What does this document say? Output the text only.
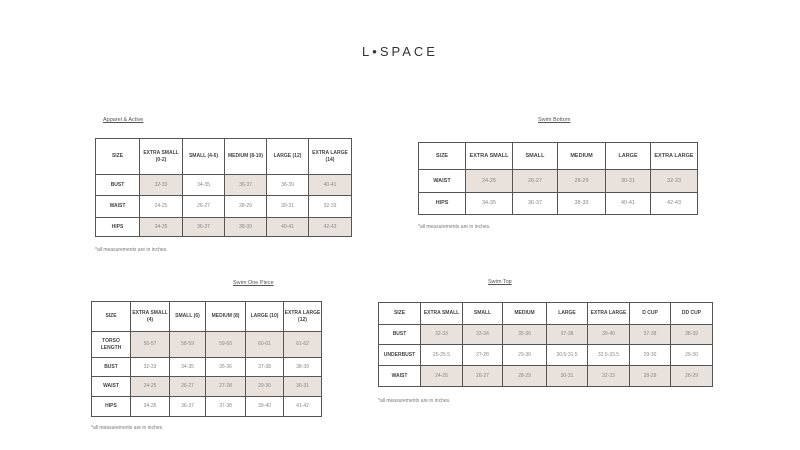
L•SPACE
Apparel & Active
SIZE	EXTRA SMALL (0-2)	SMALL (4-6)	MEDIUM (8-10)	LARGE (12)	EXTRA LARGE (14)
BUST	32-33	34-35	36-37	38-39	40-41
WAIST	24-25	26-27	28-29	30-31	32-33
HIPS	34-35	36-37	38-39	40-41	42-43
*all measurements are in inches.
Swim Bottom
SIZE	EXTRA SMALL	SMALL	MEDIUM	LARGE	EXTRA LARGE
WAIST	24-25	26-27	28-29	30-31	32-33
HIPS	34-35	36-37	38-39	40-41	42-43
*all measurements are in inches.
Swim One Piece
SIZE	EXTRA SMALL (4)	SMALL (6)	MEDIUM (8)	LARGE (10)	EXTRA LARGE (12)
TORSO LENGTH	56-57	58-59	59-60	60-61	61-62
BUST	32-33	34-35	35-36	37-38	38-39
WAIST	24-25	26-27	27-28	29-30	30-31
HIPS	34-35	36-37	37-38	39-40	41-42
*all measurements are in inches.
Swim Top
SIZE	EXTRA SMALL	SMALL	MEDIUM	LARGE	EXTRA LARGE	D CUP	DD CUP
BUST	32-33	33-34	35-36	37-38	39-40	37-38	38-39
UNDERBUST	25-25.5	27-28	29-30	30.5-31.5	32.5-33.5	29-30	29-30
WAIST	24-25	26-27	28-29	30-31	32-33	28-29	28-29
*all measurements are in inches.
